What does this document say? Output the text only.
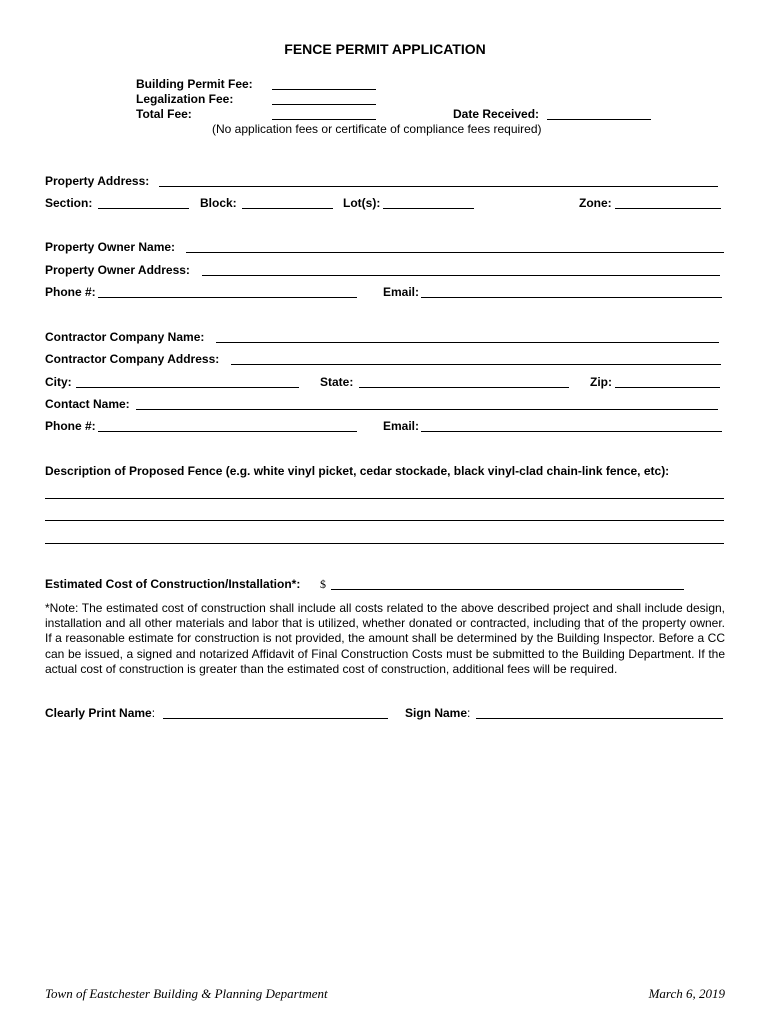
FENCE PERMIT APPLICATION
Building Permit Fee:
Legalization Fee:
Total Fee:	Date Received:
(No application fees or certificate of compliance fees required)
Property Address:
Section:	Block:	Lot(s):	Zone:
Property Owner Name:
Property Owner Address:
Phone #:	Email:
Contractor Company Name:
Contractor Company Address:
City:	State:	Zip:
Contact Name:
Phone #:	Email:
Description of Proposed Fence (e.g. white vinyl picket, cedar stockade, black vinyl-clad chain-link fence, etc):
Estimated Cost of Construction/Installation*: $
*Note: The estimated cost of construction shall include all costs related to the above described project and shall include design, installation and all other materials and labor that is utilized, whether donated or contracted, including that of the property owner. If a reasonable estimate for construction is not provided, the amount shall be determined by the Building Inspector. Before a CC can be issued, a signed and notarized Affidavit of Final Construction Costs must be submitted to the Building Department. If the actual cost of construction is greater than the estimated cost of construction, additional fees will be required.
Clearly Print Name:	Sign Name:
Town of Eastchester Building & Planning Department	March 6, 2019
